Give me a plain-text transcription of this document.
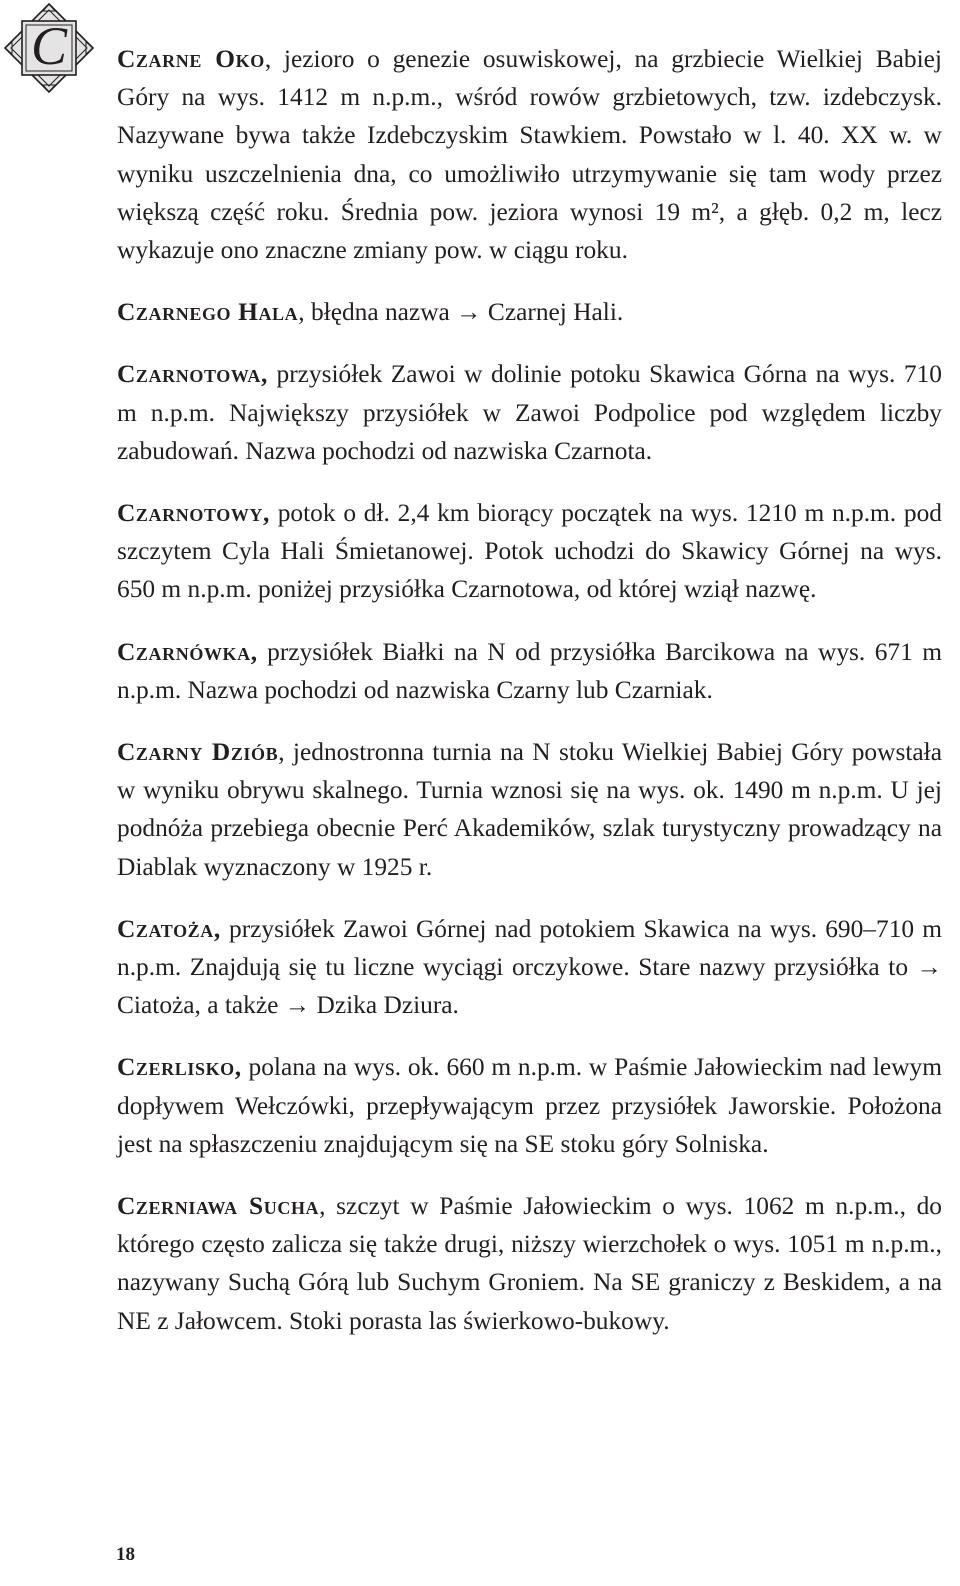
C	Czarne Oko, jezioro o genezie osuwiskowej, na grzbiecie Wielkiej Babiej Góry na wys. 1412 m n.p.m., wśród rowów grzbietowych, tzw. izdebczysk. Nazywane bywa także Izdebczyskim Stawkiem. Powstało w l. 40. XX w. w wyniku uszczelnienia dna, co umożliwiło utrzymywanie się tam wody przez większą część roku. Średnia pow. jeziora wynosi 19 m², a głęb. 0,2 m, lecz wykazuje ono znaczne zmiany pow. w ciągu roku.

Czarnego Hala, błędna nazwa → Czarnej Hali.

Czarnotowa, przysiółek Zawoi w dolinie potoku Skawica Górna na wys. 710 m n.p.m. Największy przysiółek w Zawoi Podpolice pod względem liczby zabudowań. Nazwa pochodzi od nazwiska Czarnota.

Czarnotowy, potok o dł. 2,4 km biorący początek na wys. 1210 m n.p.m. pod szczytem Cyla Hali Śmietanowej. Potok uchodzi do Skawicy Górnej na wys. 650 m n.p.m. poniżej przysiółka Czarnotowa, od której wziął nazwę.

Czarnówka, przysiółek Białki na N od przysiółka Barcikowa na wys. 671 m n.p.m. Nazwa pochodzi od nazwiska Czarny lub Czarniak.

Czarny Dziób, jednostronna turnia na N stoku Wielkiej Babiej Góry powstała w wyniku obrywu skalnego. Turnia wznosi się na wys. ok. 1490 m n.p.m. U jej podnóża przebiega obecnie Perć Akademików, szlak turystyczny prowadzący na Diablak wyznaczony w 1925 r.

Czatoża, przysiółek Zawoi Górnej nad potokiem Skawica na wys. 690–710 m n.p.m. Znajdują się tu liczne wyciągi orczykowe. Stare nazwy przysiółka to → Ciatoża, a także → Dzika Dziura.

Czerlisko, polana na wys. ok. 660 m n.p.m. w Paśmie Jałowieckim nad lewym dopływem Wełczówki, przepływającym przez przysiółek Jaworskie. Położona jest na spłaszczeniu znajdującym się na SE stoku góry Solniska.

Czerniawa Sucha, szczyt w Paśmie Jałowieckim o wys. 1062 m n.p.m., do którego często zalicza się także drugi, niższy wierzchołek o wys. 1051 m n.p.m., nazywany Suchą Górą lub Suchym Groniem. Na SE graniczy z Beskidem, a na NE z Jałowcem. Stoki porasta las świerkowo-bukowy.

18
